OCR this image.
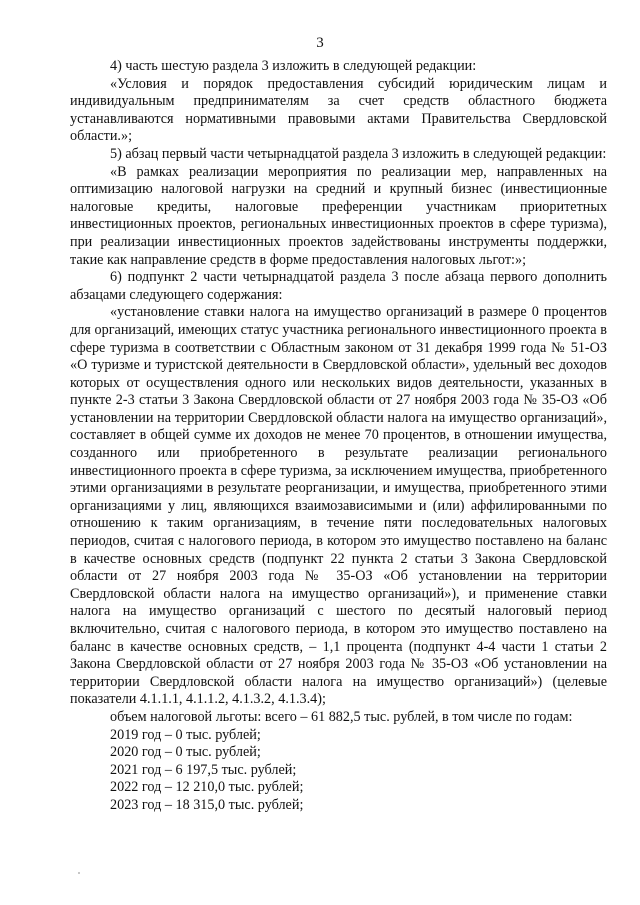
3

4) часть шестую раздела 3 изложить в следующей редакции:

«Условия и порядок предоставления субсидий юридическим лицам и индивидуальным предпринимателям за счет средств областного бюджета устанавливаются нормативными правовыми актами Правительства Свердловской области.»;

5) абзац первый части четырнадцатой раздела 3 изложить в следующей редакции:

«В рамках реализации мероприятия по реализации мер, направленных на оптимизацию налоговой нагрузки на средний и крупный бизнес (инвестиционные налоговые кредиты, налоговые преференции участникам приоритетных инвестиционных проектов, региональных инвестиционных проектов в сфере туризма), при реализации инвестиционных проектов задействованы инструменты поддержки, такие как направление средств в форме предоставления налоговых льгот:»;

6) подпункт 2 части четырнадцатой раздела 3 после абзаца первого дополнить абзацами следующего содержания:

«установление ставки налога на имущество организаций в размере 0 процентов для организаций, имеющих статус участника регионального инвестиционного проекта в сфере туризма в соответствии с Областным законом от 31 декабря 1999 года № 51-ОЗ «О туризме и туристской деятельности в Свердловской области», удельный вес доходов которых от осуществления одного или нескольких видов деятельности, указанных в пункте 2-3 статьи 3 Закона Свердловской области от 27 ноября 2003 года № 35-ОЗ «Об установлении на территории Свердловской области налога на имущество организаций», составляет в общей сумме их доходов не менее 70 процентов, в отношении имущества, созданного или приобретенного в результате реализации регионального инвестиционного проекта в сфере туризма, за исключением имущества, приобретенного этими организациями в результате реорганизации, и имущества, приобретенного этими организациями у лиц, являющихся взаимозависимыми и (или) аффилированными по отношению к таким организациям, в течение пяти последовательных налоговых периодов, считая с налогового периода, в котором это имущество поставлено на баланс в качестве основных средств (подпункт 22 пункта 2 статьи 3 Закона Свердловской области от 27 ноября 2003 года № 35-ОЗ «Об установлении на территории Свердловской области налога на имущество организаций»), и применение ставки налога на имущество организаций с шестого по десятый налоговый период включительно, считая с налогового периода, в котором это имущество поставлено на баланс в качестве основных средств, – 1,1 процента (подпункт 4-4 части 1 статьи 2 Закона Свердловской области от 27 ноября 2003 года № 35-ОЗ «Об установлении на территории Свердловской области налога на имущество организаций») (целевые показатели 4.1.1.1, 4.1.1.2, 4.1.3.2, 4.1.3.4);

объем налоговой льготы: всего – 61 882,5 тыс. рублей, в том числе по годам:

2019 год – 0 тыс. рублей;

2020 год – 0 тыс. рублей;

2021 год – 6 197,5 тыс. рублей;

2022 год – 12 210,0 тыс. рублей;

2023 год – 18 315,0 тыс. рублей;
